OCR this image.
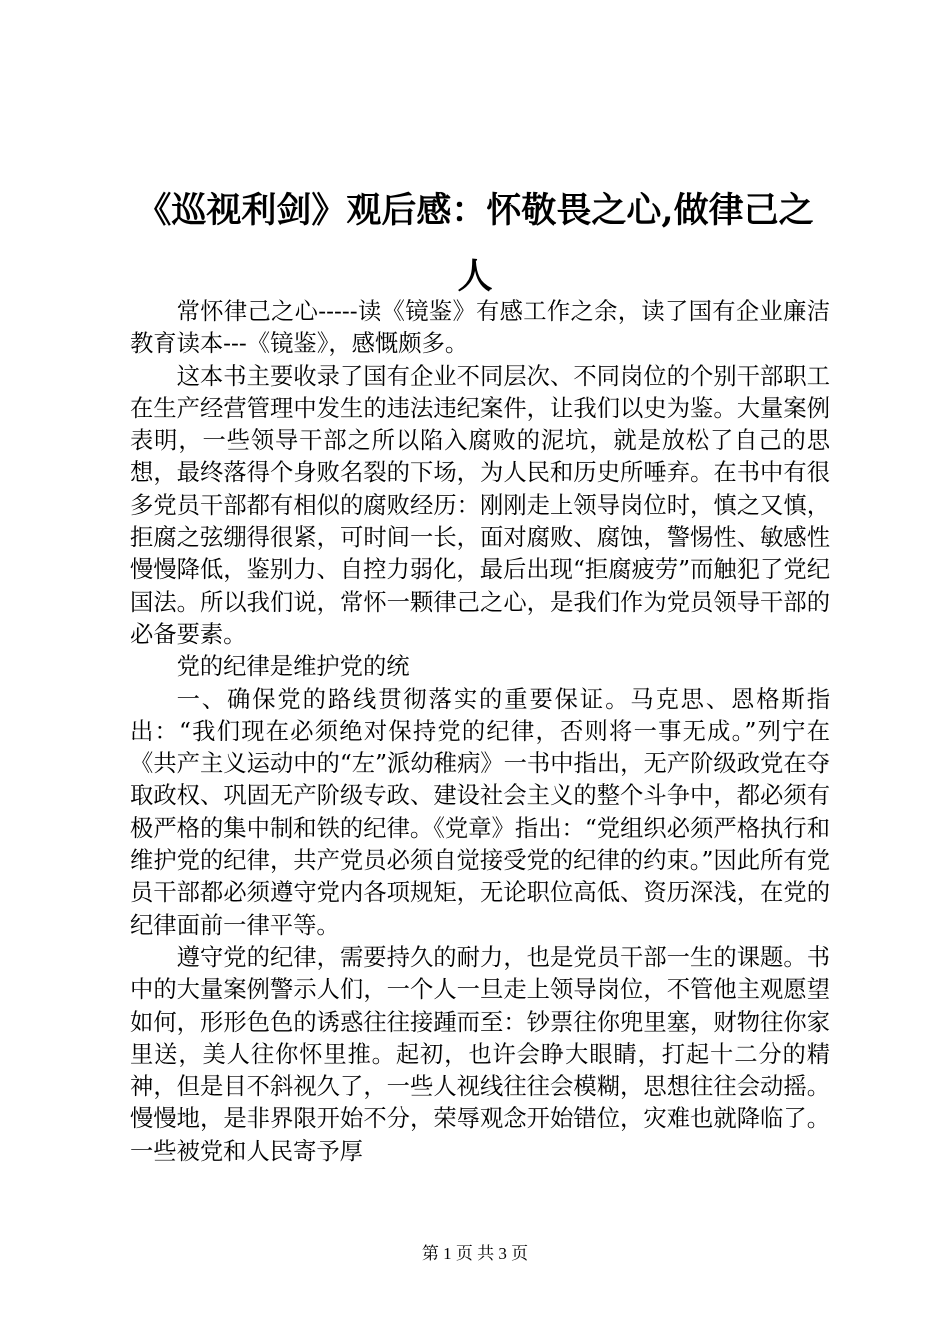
《巡视利剑》观后感：怀敬畏之心,做律己之人

常怀律己之心-----读《镜鉴》有感工作之余，读了国有企业廉洁教育读本---《镜鉴》，感慨颇多。

这本书主要收录了国有企业不同层次、不同岗位的个别干部职工在生产经营管理中发生的违法违纪案件，让我们以史为鉴。大量案例表明，一些领导干部之所以陷入腐败的泥坑，就是放松了自己的思想，最终落得个身败名裂的下场，为人民和历史所唾弃。在书中有很多党员干部都有相似的腐败经历：刚刚走上领导岗位时，慎之又慎，拒腐之弦绷得很紧，可时间一长，面对腐败、腐蚀，警惕性、敏感性慢慢降低，鉴别力、自控力弱化，最后出现“拒腐疲劳”而触犯了党纪国法。所以我们说，常怀一颗律己之心，是我们作为党员领导干部的必备要素。

党的纪律是维护党的统

一、确保党的路线贯彻落实的重要保证。马克思、恩格斯指出：“我们现在必须绝对保持党的纪律，否则将一事无成。”列宁在《共产主义运动中的“左”派幼稚病》一书中指出，无产阶级政党在夺取政权、巩固无产阶级专政、建设社会主义的整个斗争中，都必须有极严格的集中制和铁的纪律。《党章》指出：“党组织必须严格执行和维护党的纪律，共产党员必须自觉接受党的纪律的约束。”因此所有党员干部都必须遵守党内各项规矩，无论职位高低、资历深浅，在党的纪律面前一律平等。

遵守党的纪律，需要持久的耐力，也是党员干部一生的课题。书中的大量案例警示人们，一个人一旦走上领导岗位，不管他主观愿望如何，形形色色的诱惑往往接踵而至：钞票往你兜里塞，财物往你家里送，美人往你怀里推。起初，也许会睁大眼睛，打起十二分的精神，但是目不斜视久了，一些人视线往往会模糊，思想往往会动摇。慢慢地，是非界限开始不分，荣辱观念开始错位，灾难也就降临了。一些被党和人民寄予厚

第 1 页 共 3 页
